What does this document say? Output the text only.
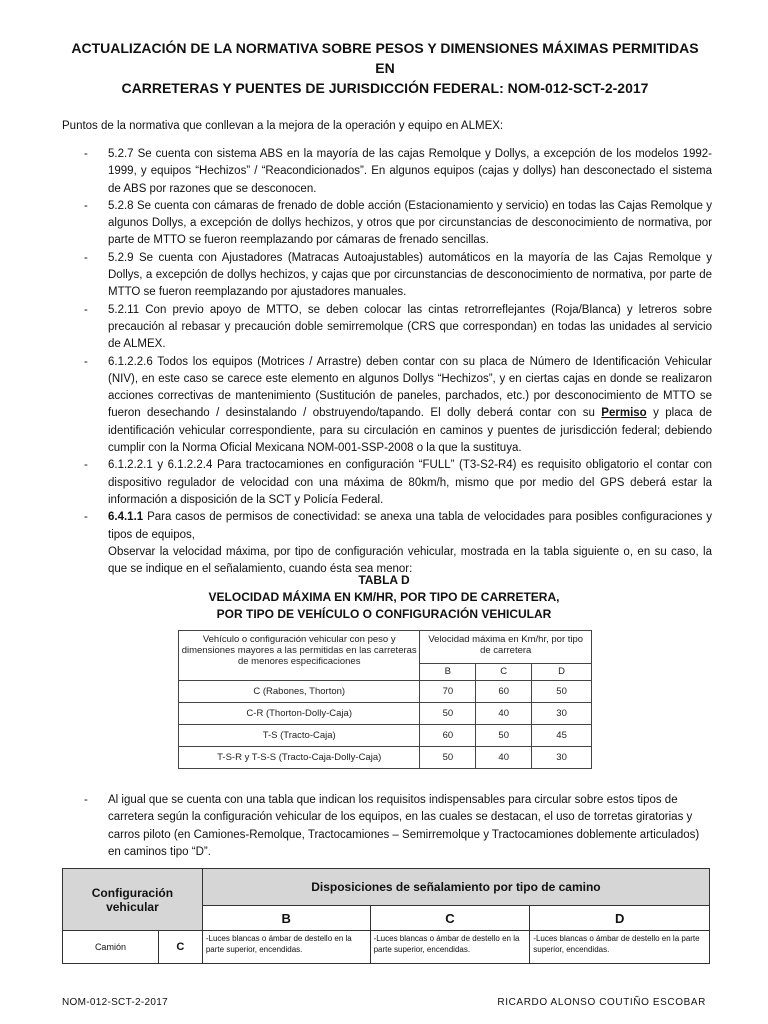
ACTUALIZACIÓN DE LA NORMATIVA SOBRE PESOS Y DIMENSIONES MÁXIMAS PERMITIDAS EN
CARRETERAS Y PUENTES DE JURISDICCIÓN FEDERAL: NOM-012-SCT-2-2017
Puntos de la normativa que conllevan a la mejora de la operación y equipo en ALMEX:
- 5.2.7 Se cuenta con sistema ABS en la mayoría de las cajas Remolque y Dollys, a excepción de los modelos 1992-1999, y equipos “Hechizos” / “Reacondicionados”. En algunos equipos (cajas y dollys) han desconectado el sistema de ABS por razones que se desconocen.
- 5.2.8 Se cuenta con cámaras de frenado de doble acción (Estacionamiento y servicio) en todas las Cajas Remolque y algunos Dollys, a excepción de dollys hechizos, y otros que por circunstancias de desconocimiento de normativa, por parte de MTTO se fueron reemplazando por cámaras de frenado sencillas.
- 5.2.9 Se cuenta con Ajustadores (Matracas Autoajustables) automáticos en la mayoría de las Cajas Remolque y Dollys, a excepción de dollys hechizos, y cajas que por circunstancias de desconocimiento de normativa, por parte de MTTO se fueron reemplazando por ajustadores manuales.
- 5.2.11 Con previo apoyo de MTTO, se deben colocar las cintas retrorreflejantes (Roja/Blanca) y letreros sobre precaución al rebasar y precaución doble semirremolque (CRS que correspondan) en todas las unidades al servicio de ALMEX.
- 6.1.2.2.6 Todos los equipos (Motrices / Arrastre) deben contar con su placa de Número de Identificación Vehicular (NIV), en este caso se carece este elemento en algunos Dollys “Hechizos”, y en ciertas cajas en donde se realizaron acciones correctivas de mantenimiento (Sustitución de paneles, parchados, etc.) por desconocimiento de MTTO se fueron desechando / desinstalando / obstruyendo/tapando. El dolly deberá contar con su Permiso y placa de identificación vehicular correspondiente, para su circulación en caminos y puentes de jurisdicción federal; debiendo cumplir con la Norma Oficial Mexicana NOM-001-SSP-2008 o la que la sustituya.
- 6.1.2.2.1 y 6.1.2.2.4 Para tractocamiones en configuración “FULL” (T3-S2-R4) es requisito obligatorio el contar con dispositivo regulador de velocidad con una máxima de 80km/h, mismo que por medio del GPS deberá estar la información a disposición de la SCT y Policía Federal.
- 6.4.1.1 Para casos de permisos de conectividad: se anexa una tabla de velocidades para posibles configuraciones y tipos de equipos,
Observar la velocidad máxima, por tipo de configuración vehicular, mostrada en la tabla siguiente o, en su caso, la que se indique en el señalamiento, cuando ésta sea menor:
TABLA D
VELOCIDAD MÁXIMA EN KM/HR, POR TIPO DE CARRETERA,
POR TIPO DE VEHÍCULO O CONFIGURACIÓN VEHICULAR
Vehículo o configuración vehicular con peso y dimensiones mayores a las permitidas en las carreteras de menores especificaciones	Velocidad máxima en Km/hr, por tipo de carretera		
	B	C	D
C (Rabones, Thorton)	70	60	50
C-R (Thorton-Dolly-Caja)	50	40	30
T-S (Tracto-Caja)	60	50	45
T-S-R y T-S-S (Tracto-Caja-Dolly-Caja)	50	40	30
-	Al igual que se cuenta con una tabla que indican los requisitos indispensables para circular sobre estos tipos de carretera según la configuración vehicular de los equipos, en las cuales se destacan, el uso de torretas giratorias y carros piloto (en Camiones-Remolque, Tractocamiones – Semirremolque y Tractocamiones doblemente articulados) en caminos tipo “D”.
Configuración vehicular		Disposiciones de señalamiento por tipo de camino		
		B	C	D
Camión	C	-Luces blancas o ámbar de destello en la parte superior, encendidas.	-Luces blancas o ámbar de destello en la parte superior, encendidas.	-Luces blancas o ámbar de destello en la parte superior, encendidas.
NOM-012-SCT-2-2017	RICARDO ALONSO COUTIÑO ESCOBAR
